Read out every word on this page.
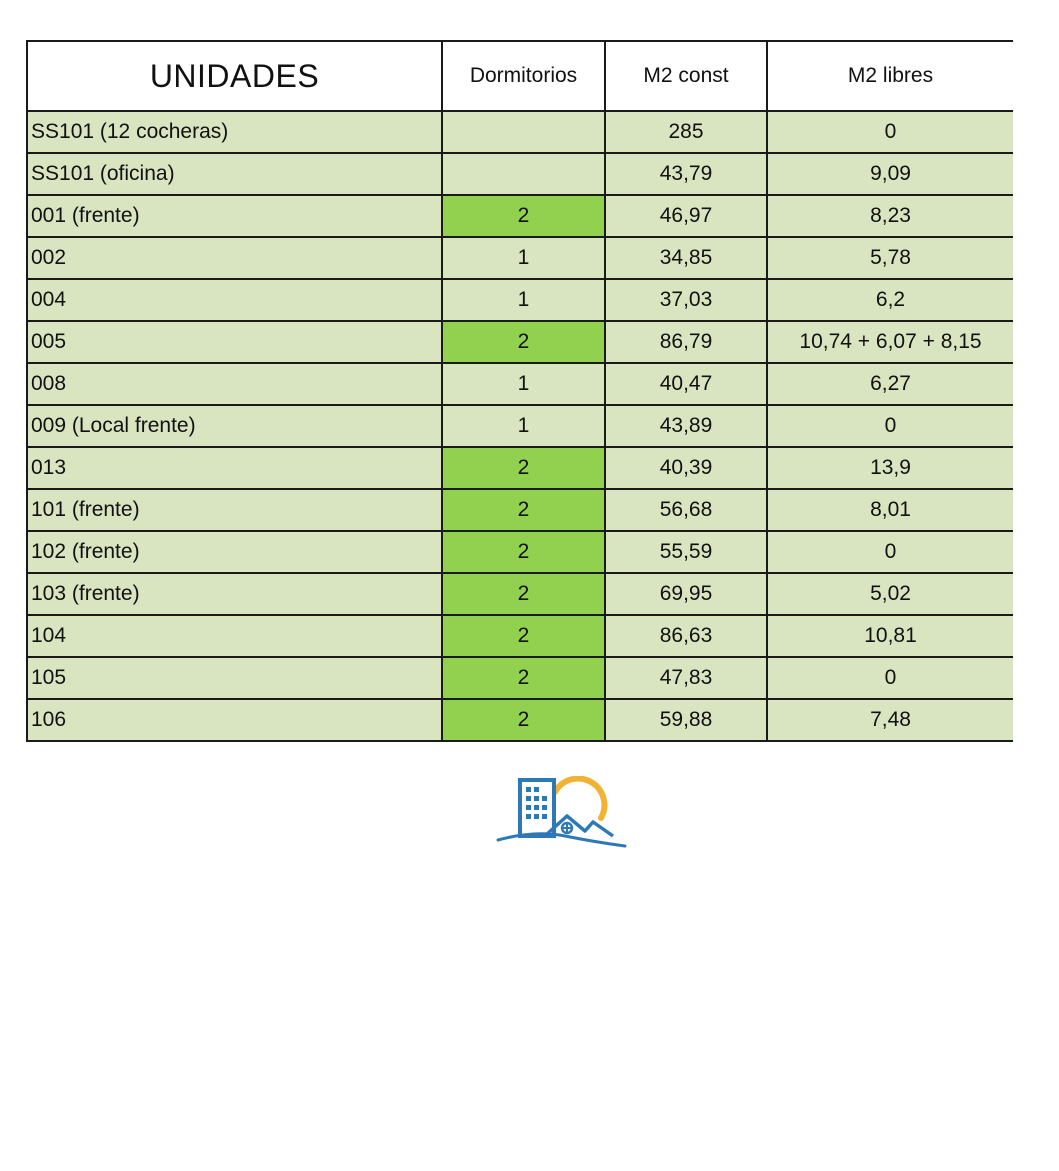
UNIDADES	Dormitorios	M2 const	M2 libres
SS101 (12 cocheras)		285	0
SS101 (oficina)		43,79	9,09
001 (frente)	2	46,97	8,23
002	1	34,85	5,78
004	1	37,03	6,2
005	2	86,79	10,74 + 6,07 + 8,15
008	1	40,47	6,27
009 (Local frente)	1	43,89	0
013	2	40,39	13,9
101 (frente)	2	56,68	8,01
102 (frente)	2	55,59	0
103 (frente)	2	69,95	5,02
104	2	86,63	10,81
105	2	47,83	0
106	2	59,88	7,48
